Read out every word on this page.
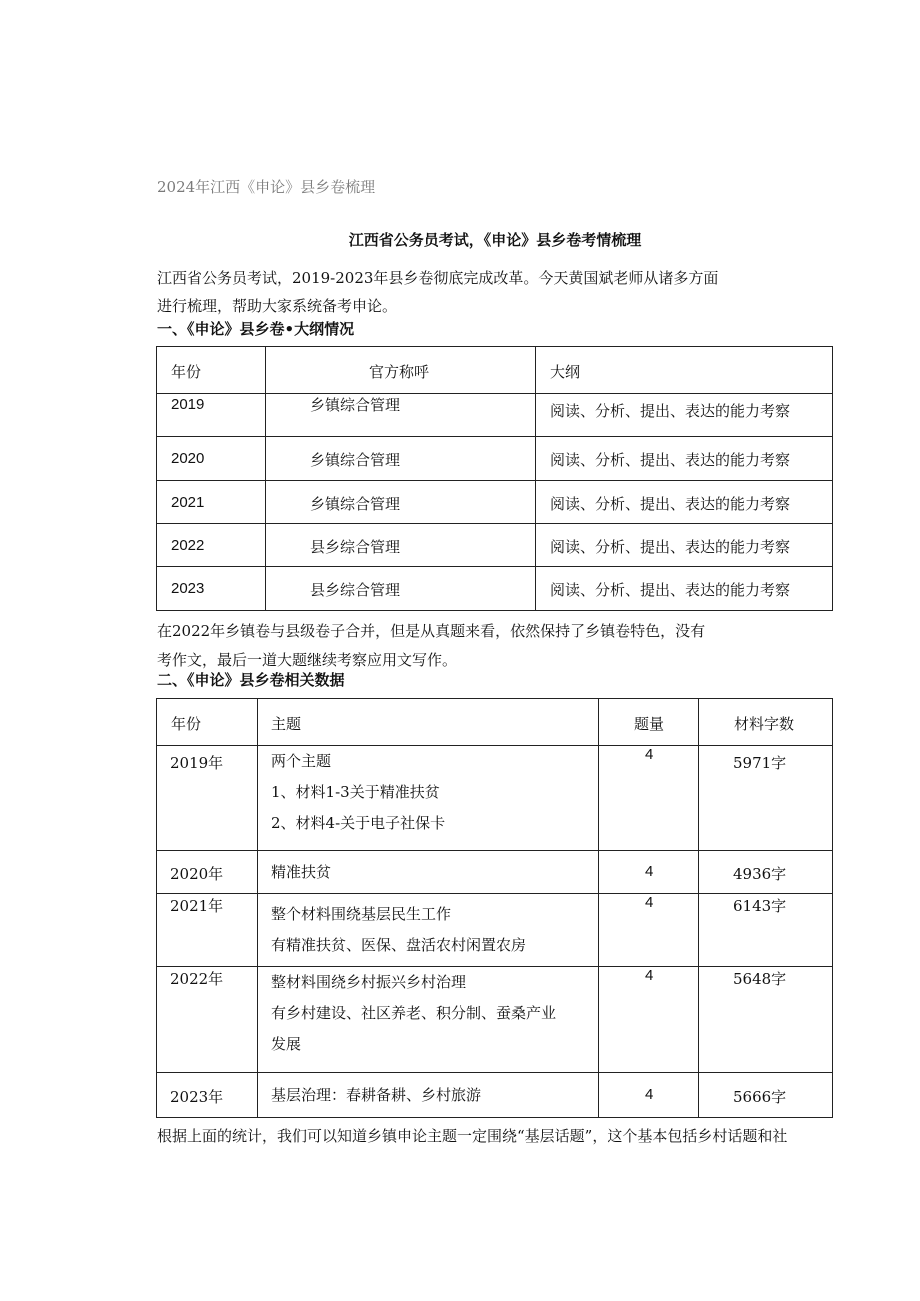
2024年江西《申论》县乡卷梳理
江西省公务员考试，《申论》县乡卷考情梳理
江西省公务员考试，2019-2023年县乡卷彻底完成改革。今天黄国斌老师从诸多方面
进行梳理，帮助大家系统备考申论。
一、《申论》县乡卷•大纲情况
年份	官方称呼	大纲

2019	乡镇综合管理	阅读、分析、提出、表达的能力考察

2020	乡镇综合管理	阅读、分析、提出、表达的能力考察

2021	乡镇综合管理	阅读、分析、提出、表达的能力考察

2022	县乡综合管理	阅读、分析、提出、表达的能力考察

2023	县乡综合管理	阅读、分析、提出、表达的能力考察
在2022年乡镇卷与县级卷子合并，但是从真题来看，依然保持了乡镇卷特色，没有
考作文，最后一道大题继续考察应用文写作。
二、《申论》县乡卷相关数据
年份	主题	题量	材料字数

2019年	两个主题
1、材料1-3关于精准扶贫
2、材料4-关于电子社保卡	4	5971字

2020年	精准扶贫	4	4936字

2021年	整个材料围绕基层民生工作
有精准扶贫、医保、盘活农村闲置农房	4	6143字

2022年	整材料围绕乡村振兴乡村治理
有乡村建设、社区养老、积分制、蚕桑产业
发展	4	5648字

2023年	基层治理：春耕备耕、乡村旅游	4	5666字
根据上面的统计，我们可以知道乡镇申论主题一定围绕“基层话题”，这个基本包括乡村话题和社
